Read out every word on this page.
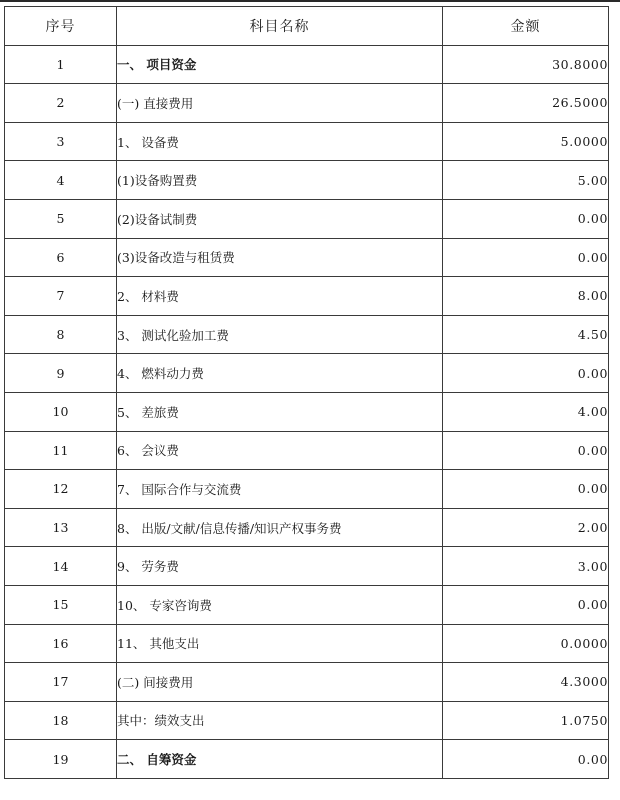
序号	科目名称	金额
1	一、 项目资金	30.8000
2	(一) 直接费用	26.5000
3	1、 设备费	5.0000
4	(1)设备购置费	5.00
5	(2)设备试制费	0.00
6	(3)设备改造与租赁费	0.00
7	2、 材料费	8.00
8	3、 测试化验加工费	4.50
9	4、 燃料动力费	0.00
10	5、 差旅费	4.00
11	6、 会议费	0.00
12	7、 国际合作与交流费	0.00
13	8、 出版/文献/信息传播/知识产权事务费	2.00
14	9、 劳务费	3.00
15	10、 专家咨询费	0.00
16	11、 其他支出	0.0000
17	(二) 间接费用	4.3000
18	其中：绩效支出	1.0750
19	二、 自筹资金	0.00
